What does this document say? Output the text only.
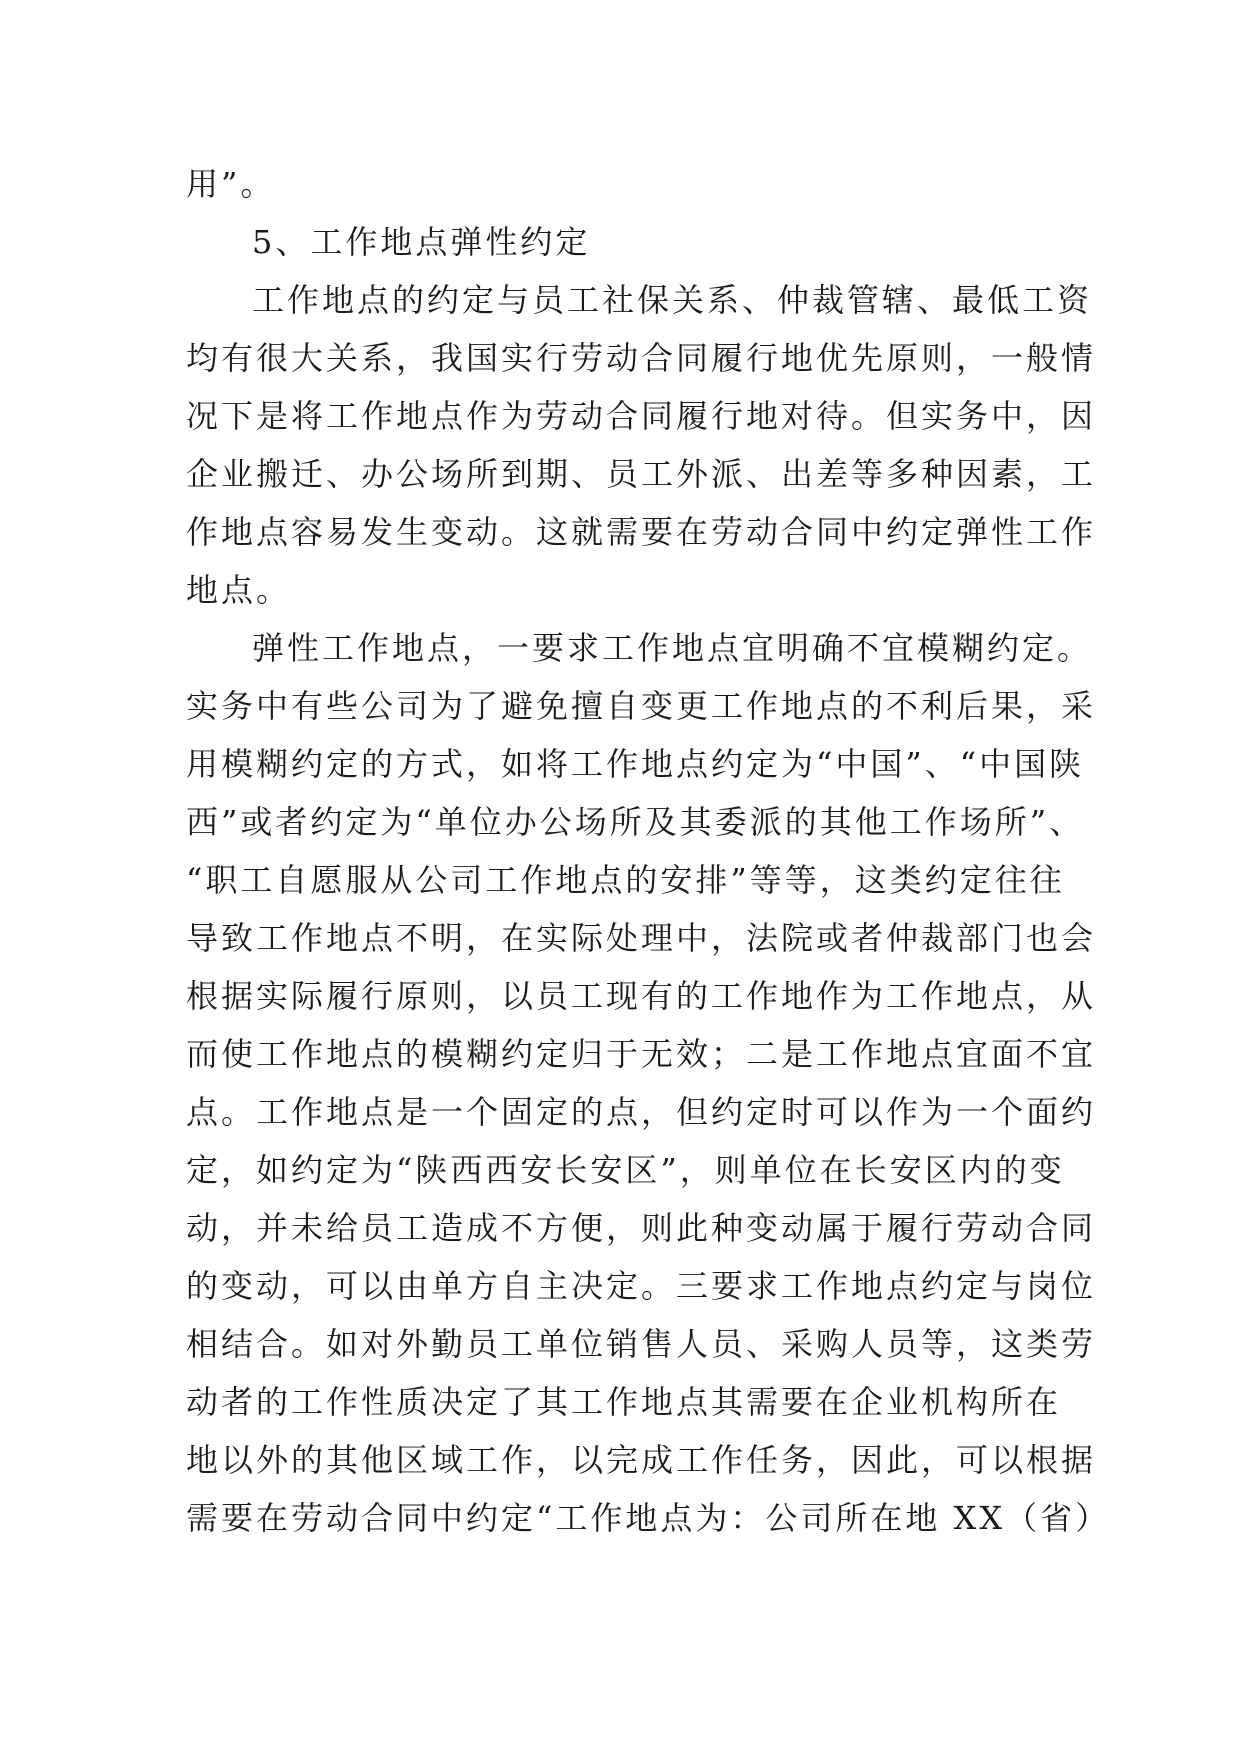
用”。
5、工作地点弹性约定
工作地点的约定与员工社保关系、仲裁管辖、最低工资
均有很大关系，我国实行劳动合同履行地优先原则，一般情
况下是将工作地点作为劳动合同履行地对待。但实务中，因
企业搬迁、办公场所到期、员工外派、出差等多种因素，工
作地点容易发生变动。这就需要在劳动合同中约定弹性工作
地点。
弹性工作地点，一要求工作地点宜明确不宜模糊约定。
实务中有些公司为了避免擅自变更工作地点的不利后果，采
用模糊约定的方式，如将工作地点约定为“中国”、“中国陕
西”或者约定为“单位办公场所及其委派的其他工作场所”、
“职工自愿服从公司工作地点的安排”等等，这类约定往往
导致工作地点不明，在实际处理中，法院或者仲裁部门也会
根据实际履行原则，以员工现有的工作地作为工作地点，从
而使工作地点的模糊约定归于无效；二是工作地点宜面不宜
点。工作地点是一个固定的点，但约定时可以作为一个面约
定，如约定为“陕西西安长安区”，则单位在长安区内的变
动，并未给员工造成不方便，则此种变动属于履行劳动合同
的变动，可以由单方自主决定。三要求工作地点约定与岗位
相结合。如对外勤员工单位销售人员、采购人员等，这类劳
动者的工作性质决定了其工作地点其需要在企业机构所在
地以外的其他区域工作，以完成工作任务，因此，可以根据
需要在劳动合同中约定“工作地点为：公司所在地 XX（省）
